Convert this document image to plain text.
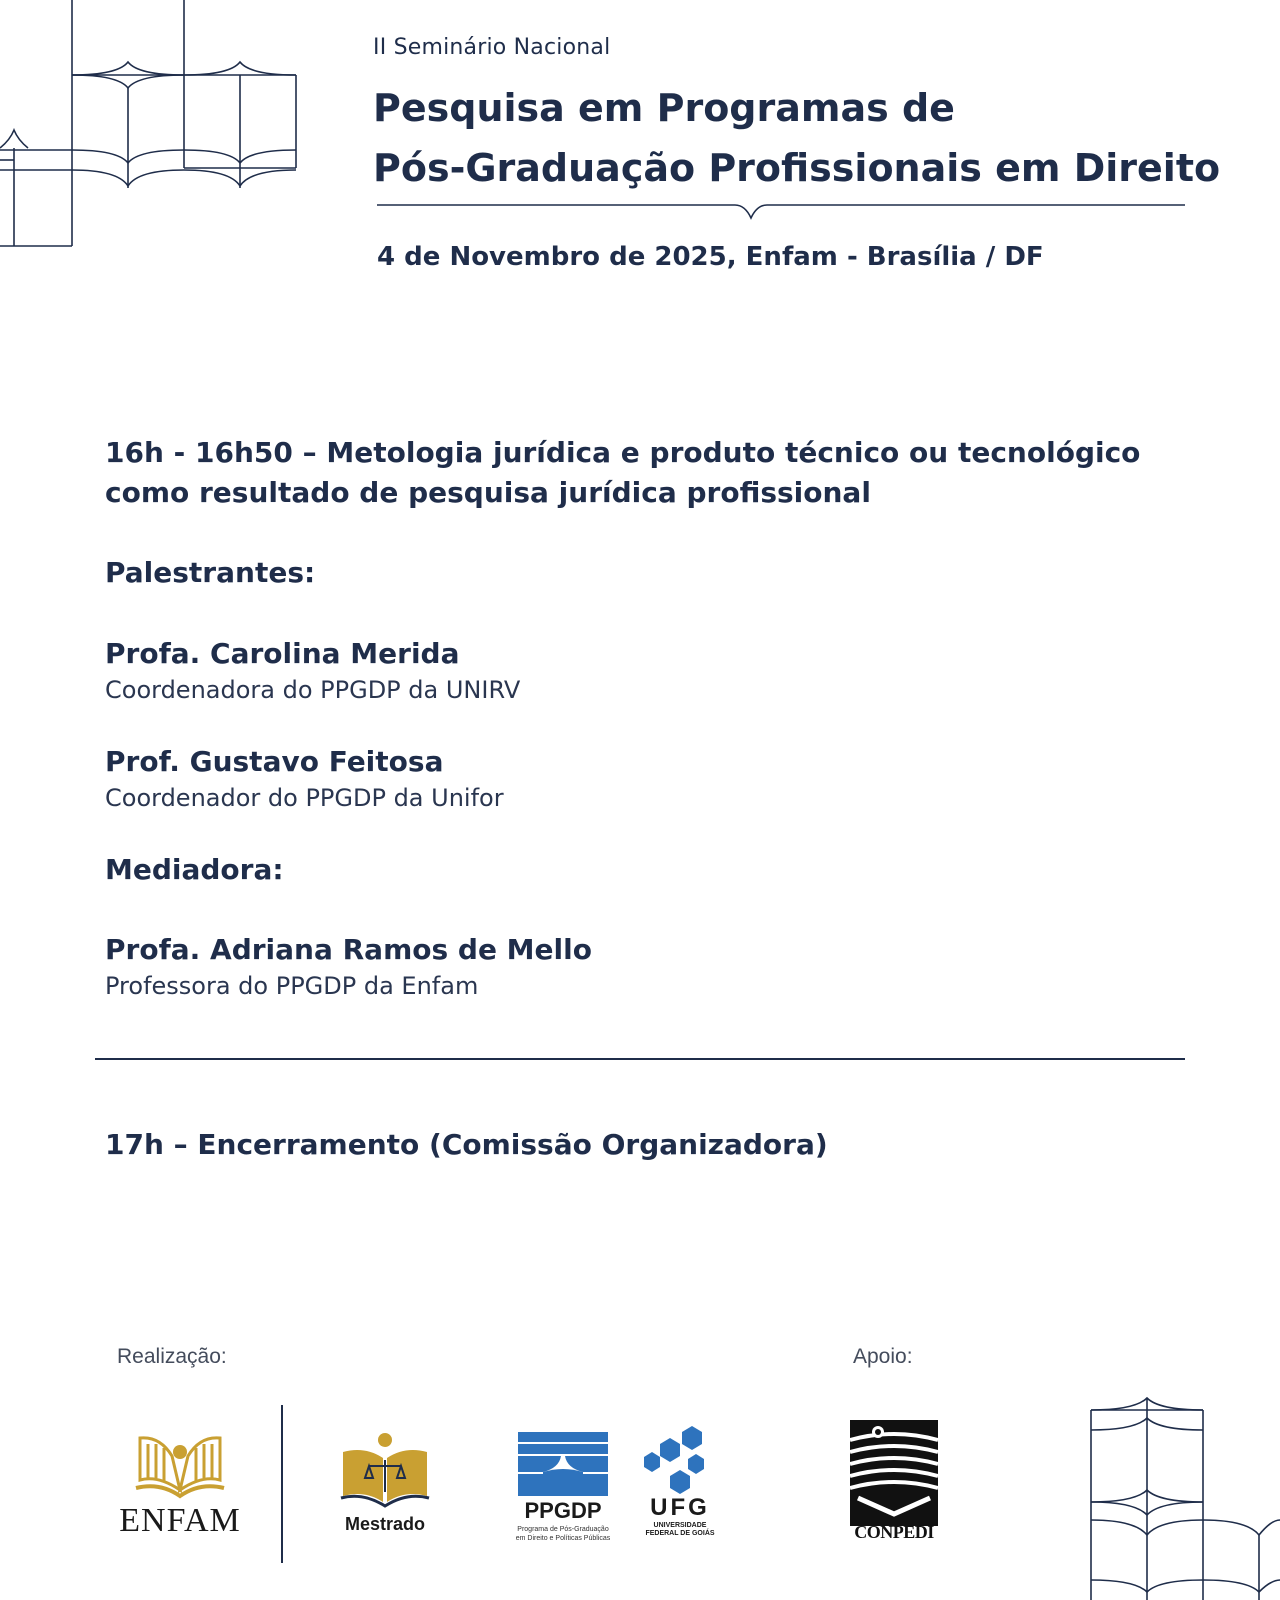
II Seminário Nacional
Pesquisa em Programas de
Pós-Graduação Profissionais em Direito
4 de Novembro de 2025, Enfam - Brasília / DF
16h - 16h50 – Metologia jurídica e produto técnico ou tecnológico
como resultado de pesquisa jurídica profissional
Palestrantes:
Profa. Carolina Merida
Coordenadora do PPGDP da UNIRV
Prof. Gustavo Feitosa
Coordenador do PPGDP da Unifor
Mediadora:
Profa. Adriana Ramos de Mello
Professora do PPGDP da Enfam
17h – Encerramento (Comissão Organizadora)
Realização:	Apoio:
ENFAM	Mestrado
PPGDP
Programa de Pós-Graduação
em Direito e Políticas Públicas
UFG
UNIVERSIDADE
FEDERAL DE GOIÁS	CONPEDI
